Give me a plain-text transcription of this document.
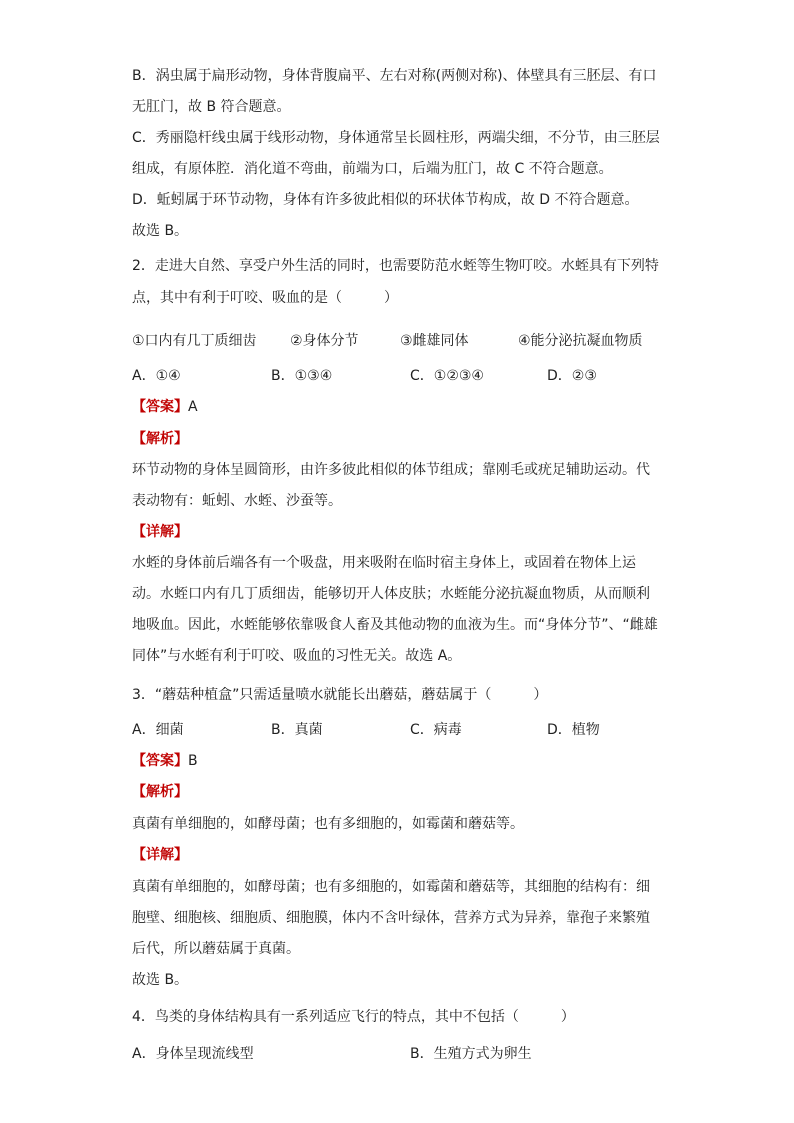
B．涡虫属于扁形动物，身体背腹扁平、左右对称(两侧对称)、体壁具有三胚层、有口
无肛门，故 B 符合题意。
C．秀丽隐杆线虫属于线形动物，身体通常呈长圆柱形，两端尖细，不分节，由三胚层
组成，有原体腔．消化道不弯曲，前端为口，后端为肛门，故 C 不符合题意。
D．蚯蚓属于环节动物，身体有许多彼此相似的环状体节构成，故 D 不符合题意。
故选 B。
2．走进大自然、享受户外生活的同时，也需要防范水蛭等生物叮咬。水蛭具有下列特
点，其中有利于叮咬、吸血的是（　　　）
①口内有几丁质细齿 ②身体分节	③雌雄同体	④能分泌抗凝血物质
A．①④	B．①③④	C．①②③④	D．②③
【答案】A
【解析】
环节动物的身体呈圆筒形，由许多彼此相似的体节组成；靠刚毛或疣足辅助运动。代
表动物有：蚯蚓、水蛭、沙蚕等。
【详解】
水蛭的身体前后端各有一个吸盘，用来吸附在临时宿主身体上，或固着在物体上运
动。水蛭口内有几丁质细齿，能够切开人体皮肤；水蛭能分泌抗凝血物质，从而顺利
地吸血。因此，水蛭能够依靠吸食人畜及其他动物的血液为生。而“身体分节”、“雌雄
同体”与水蛭有利于叮咬、吸血的习性无关。故选 A。
3．“蘑菇种植盒”只需适量喷水就能长出蘑菇，蘑菇属于（　　　）
A．细菌	B．真菌	C．病毒	D．植物
【答案】B
【解析】
真菌有单细胞的，如酵母菌；也有多细胞的，如霉菌和蘑菇等。
【详解】
真菌有单细胞的，如酵母菌；也有多细胞的，如霉菌和蘑菇等，其细胞的结构有：细
胞壁、细胞核、细胞质、细胞膜，体内不含叶绿体，营养方式为异养，靠孢子来繁殖
后代，所以蘑菇属于真菌。
故选 B。
4．鸟类的身体结构具有一系列适应飞行的特点，其中不包括（　　　）
A．身体呈现流线型	B．生殖方式为卵生
